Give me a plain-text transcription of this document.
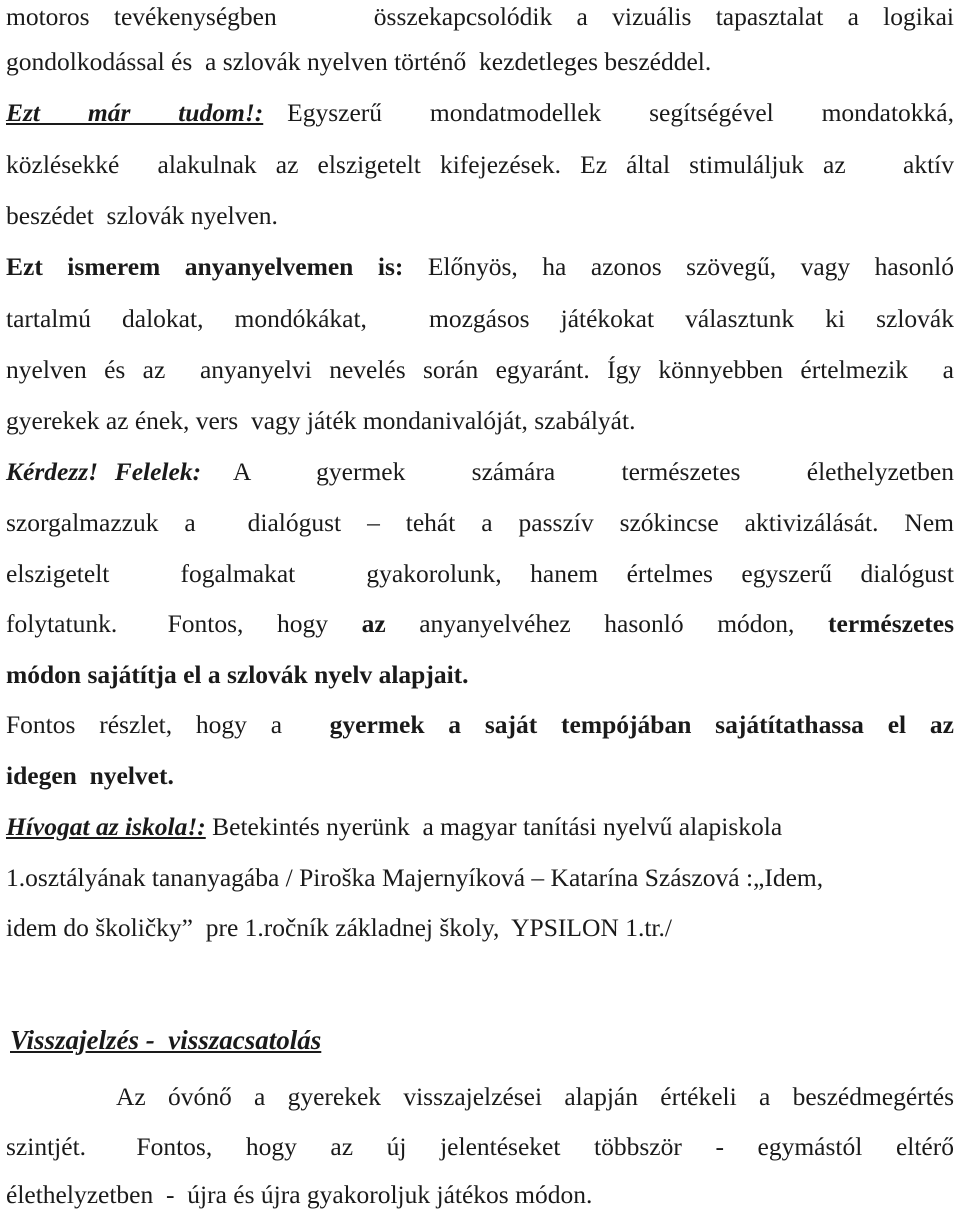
motoros tevékenységben    összekapcsolódik a vizuális tapasztalat a logikai
gondolkodással és  a szlovák nyelven történő  kezdetleges beszéddel.
Ezt  már  tudom!: Egyszerű  mondatmodellek  segítségével  mondatokká,
közlésekké  alakulnak az elszigetelt kifejezések. Ez által stimuláljuk az   aktív
beszédet  szlovák nyelven.
Ezt  ismerem  anyanyelvemen  is:  Előnyös,  ha  azonos  szövegű,  vagy  hasonló
tartalmú  dalokat,  mondókákat,    mozgásos  játékokat  választunk  ki  szlovák
nyelven és az  anyanyelvi nevelés során egyaránt. Így könnyebben értelmezik  a
gyerekek az ének, vers  vagy játék mondanivalóját, szabályát.
Kérdezz! Felelek:  A    gyermek    számára    természetes    élethelyzetben
szorgalmazzuk  a    dialógust  –  tehát  a  passzív  szókincse  aktivizálását.  Nem
elszigetelt     fogalmakat     gyakorolunk,  hanem  értelmes  egyszerű  dialógust
folytatunk.   Fontos,  hogy  az  anyanyelvéhez  hasonló  módon,  természetes
módon sajátítja el a szlovák nyelv alapjait.
Fontos  részlet,  hogy  a    gyermek  a  saját  tempójában  sajátítathassa  el  az
idegen  nyelvet.
Hívogat az iskola!: Betekintés nyerünk  a magyar tanítási nyelvű alapiskola
1.osztályának tananyagába / Piroška Majernyíková – Katarína Szászová :„Idem,
idem do školičky”  pre 1.ročník základnej školy,  YPSILON 1.tr./
Visszajelzés -  visszacsatolás
Az  óvónő  a  gyerekek  visszajelzései  alapján  értékeli  a  beszédmegértés
szintjét.   Fontos,  hogy  az  új  jelentéseket  többször  -  egymástól  eltérő
élethelyzetben  -  újra és újra gyakoroljuk játékos módon.
